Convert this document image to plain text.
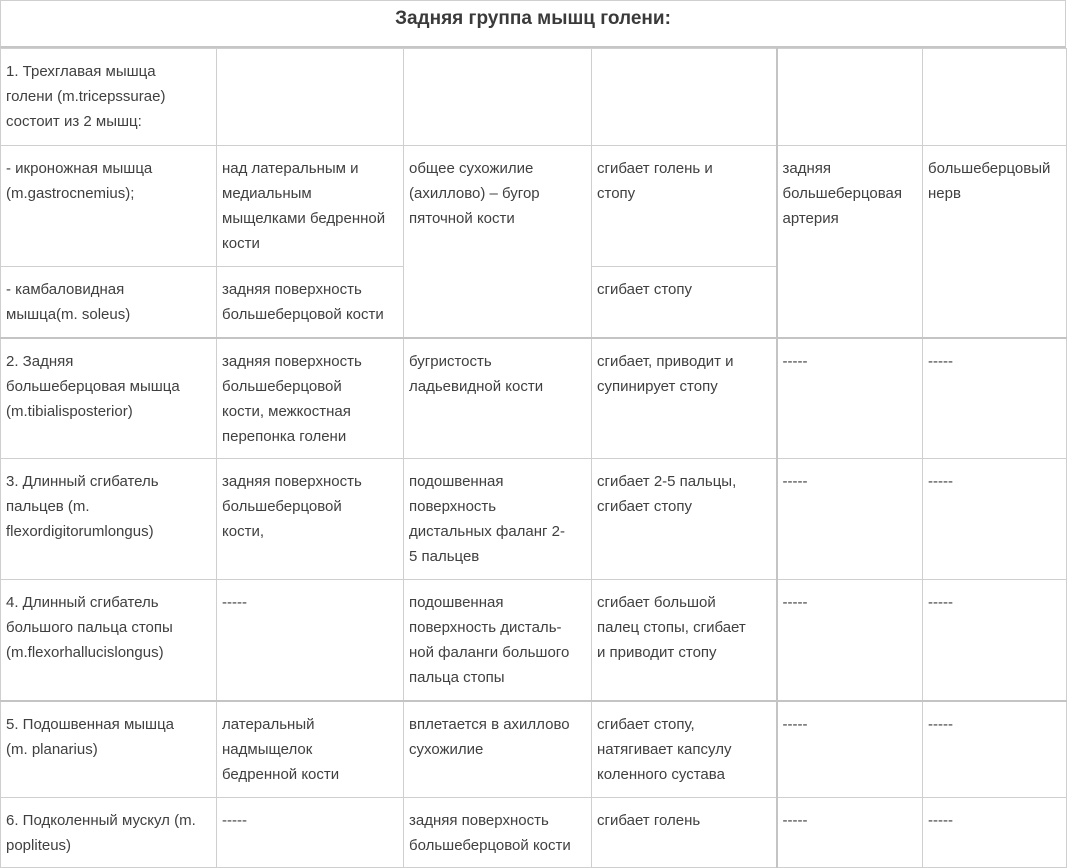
Задняя группа мышц голени:
1. Трехглавая мышца
голени (m.tricepssurae)
состоит из 2 мышц:					
- икроножная мышца
(m.gastrocnemius);	над латеральным и
медиальным
мыщелками бедренной
кости	общее сухожилие
(ахиллово) – бугор
пяточной кости	сгибает голень и
стопу	задняя
большеберцовая
артерия	большеберцовый
нерв
- камбаловидная
мышца(m. soleus)	задняя поверхность
большеберцовой кости		сгибает стопу		
2. Задняя
большеберцовая мышца
(m.tibialisposterior)	задняя поверхность
большеберцовой
кости, межкостная
перепонка голени	бугристость
ладьевидной кости	сгибает, приводит и
супинирует стопу	-----	-----
3. Длинный сгибатель
пальцев (m.
flexordigitorumlongus)	задняя поверхность
большеберцовой
кости,	подошвенная
поверхность
дистальных фаланг 2-
5 пальцев	сгибает 2-5 пальцы,
сгибает стопу	-----	-----
4. Длинный сгибатель
большого пальца стопы
(m.flexorhallucislongus)	-----	подошвенная
поверхность дисталь-
ной фаланги большого
пальца стопы	сгибает большой
палец стопы, сгибает
и приводит стопу	-----	-----
5. Подошвенная мышца
(m. planarius)	латеральный
надмыщелок
бедренной кости	вплетается в ахиллово
сухожилие	сгибает стопу,
натягивает капсулу
коленного сустава	-----	-----
6. Подколенный мускул (m.
popliteus)	-----	задняя поверхность
большеберцовой кости	сгибает голень	-----	-----
